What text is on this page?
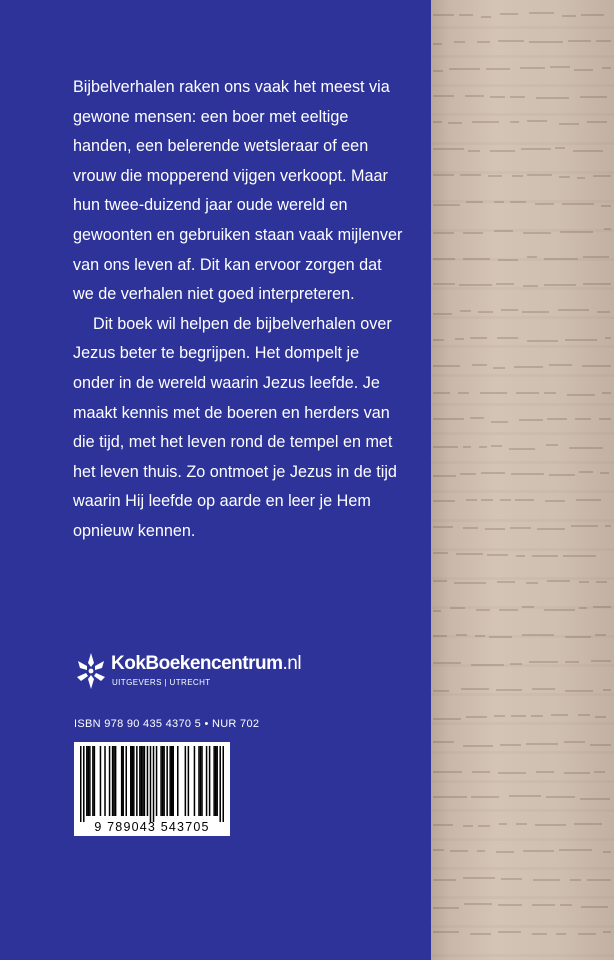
Bijbelverhalen raken ons vaak het meest via gewone mensen: een boer met eeltige handen, een belerende wetsleraar of een vrouw die mopperend vijgen verkoopt. Maar hun twee-duizend jaar oude wereld en gewoonten en gebruiken staan vaak mijlenver van ons leven af. Dit kan ervoor zorgen dat we de verhalen niet goed interpreteren.

Dit boek wil helpen de bijbelverhalen over Jezus beter te begrijpen. Het dompelt je onder in de wereld waarin Jezus leefde. Je maakt kennis met de boeren en herders van die tijd, met het leven rond de tempel en met het leven thuis. Zo ontmoet je Jezus in de tijd waarin Hij leefde op aarde en leer je Hem opnieuw kennen.

KokBoekencentrum.nl
UITGEVERS | UTRECHT
ISBN 978 90 435 4370 5 • NUR 702
9 789043 543705
